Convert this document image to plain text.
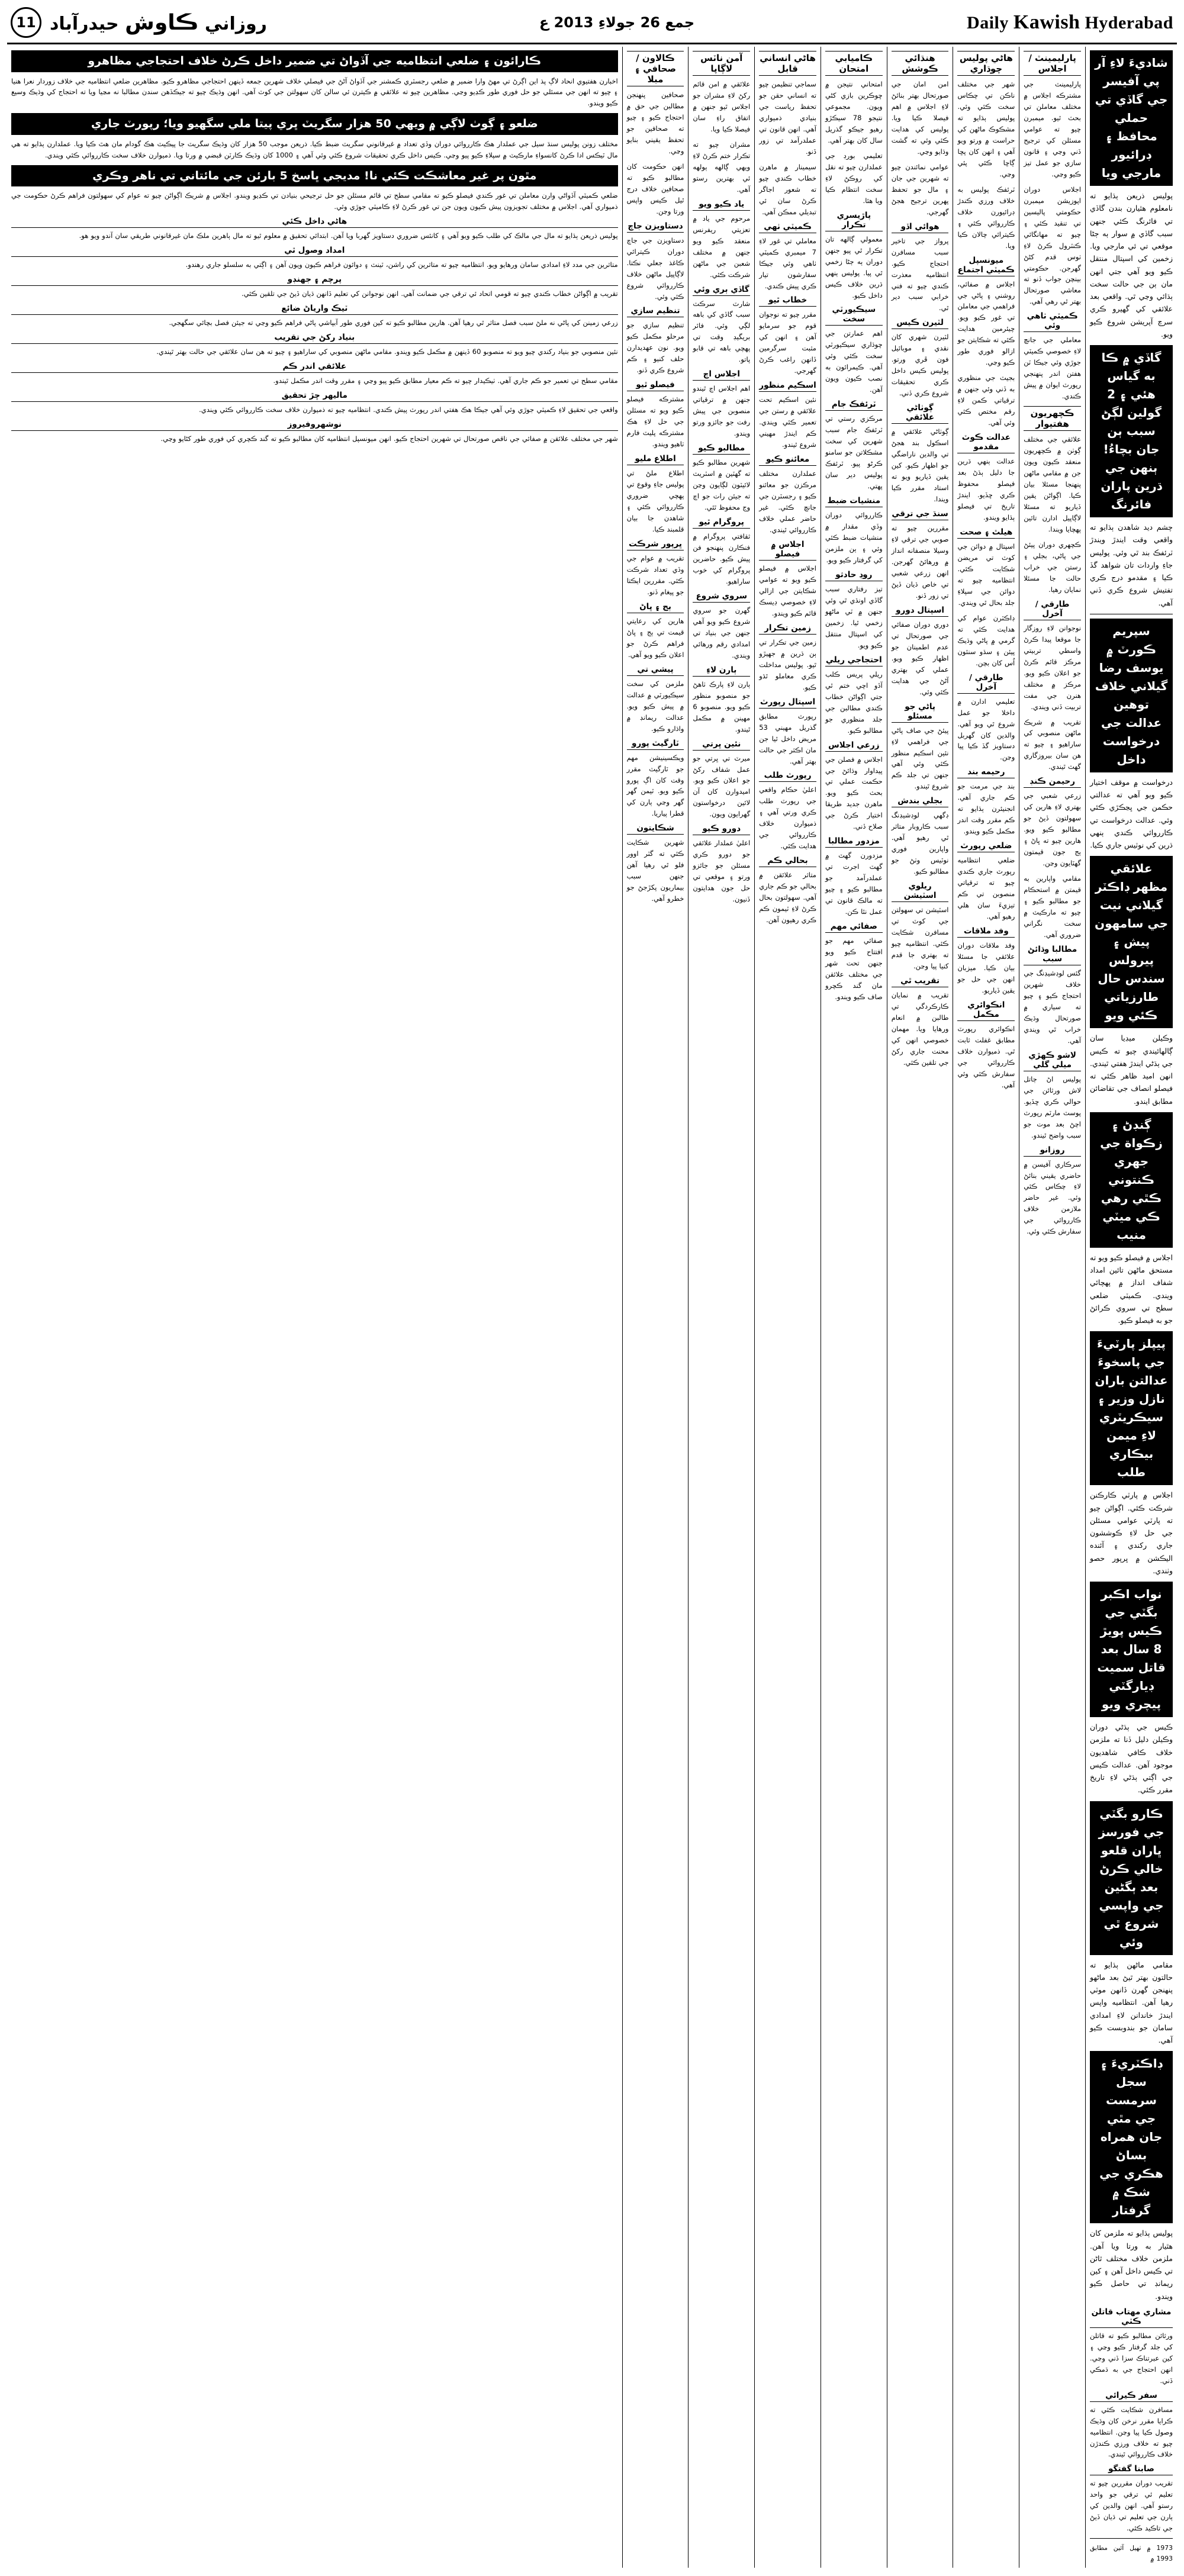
Daily Kawish Hyderabad
جمع 26 جولاءِ 2013 ع
روزاني ڪاوش حيدرآباد
11
شاديءَ لاءِ آر پي آفيسر جي گاڏي تي حملي محافظ ۽ ڊرائيور مارجي ويا

پوليس ذريعن ٻڌايو ته نامعلوم هٿيارن بندن گاڏي تي فائرنگ ڪئي جنهن سبب گاڏي ۾ سوار ٻه ڄڻا موقعي تي ئي مارجي ويا. زخمين کي اسپتال منتقل ڪيو ويو آهي جتي انهن مان ٻن جي حالت سخت ٻڌائي وڃي ٿي. واقعي بعد علائقي کي گهيرو ڪري سرچ آپريشن شروع ڪيو ويو.

گاڏي ۾ ڪا به گياس هئي ۽ 2 گولين لڳڻ سبب ٻن جان بچاءُ! ٻنهن جي ڌرين پاران فائرنگ

چشم ديد شاهدن ٻڌايو ته واقعي وقت ايندڙ ويندڙ ٽرئفڪ بند ٿي وئي. پوليس جاءِ واردات تان شواهد گڏ ڪيا ۽ مقدمو درج ڪري تفتيش شروع ڪري ڏني آهي.

سپريم ڪورٽ ۾ يوسف رضا گيلاني خلاف توهين عدالت جي درخواست داخل

درخواست ۾ موقف اختيار ڪيو ويو آهي ته عدالتي حڪمن جي ڀڃڪڙي ڪئي وئي. عدالت درخواست تي ڪارروائي ڪندي ٻنهي ڌرين کي نوٽيس جاري ڪيا.

علائقي مظهر ڊاڪٽر گيلاني نيت جي سامهون پيش ۽ پيرولس سندس حال طارزياتي ڪئي ويو

وڪيلن ميڊيا سان ڳالهائيندي چيو ته ڪيس جي ٻڌڻي ايندڙ هفتي ٿيندي. انهن اميد ظاهر ڪئي ته فيصلو انصاف جي تقاضائن مطابق ايندو.

ڳنڊڻ ۽ زڪواة جي جهري ڪنتوني ڪٿي رهي ڪي ميٽي منيب

اجلاس ۾ فيصلو ڪيو ويو ته مستحق ماڻهن تائين امداد شفاف انداز ۾ پهچائي ويندي. ڪميٽي ضلعي سطح تي سروي ڪرائڻ جو به فيصلو ڪيو.

پيپلز پارٽيءَ جي پاسخوءَ عدالتن باران نازل وزير ۽ سيڪريٽري لاءِ ميمن بيڪاري طلب

اجلاس ۾ پارٽي ڪارڪنن شرڪت ڪئي. اڳواڻن چيو ته پارٽي عوامي مسئلن جي حل لاءِ ڪوششون جاري رکندي ۽ آئنده اليڪشن ۾ ڀرپور حصو وٺندي.

نواب اڪبر بگٽي جي ڪيس پويڙ 8 سال بعد قاتل سميت ڊيارگٽي پيچري ويو

ڪيس جي ٻڌڻي دوران وڪيلن دليل ڏنا ته ملزمن خلاف ڪافي شاهديون موجود آهن. عدالت ڪيس جي اڳتي ٻڌڻي لاءِ تاريخ مقرر ڪئي.

ڪارو بگٽي جي فورسز ڀاران قلعو خالي ڪرڻ بعد ٻگڻين جي واپسي شروع ٿي وئي

مقامي ماڻهن ٻڌايو ته حالتون بهتر ٿيڻ بعد ماڻهو پنهنجن گهرن ڏانهن موٽي رهيا آهن. انتظاميه واپس ايندڙ خاندانن لاءِ امدادي سامان جو بندوبست ڪيو آهي.

ڊاڪٽريءَ ۽ سجل سرمست جي مٿي جان همراه بساڻ هڪري جي شڪ ۾ گرفتار

پوليس ٻڌايو ته ملزمن کان هٿيار به ورتا ويا آهن. ملزمن خلاف مختلف ٿاڻن تي ڪيس داخل آهن ۽ کين ريمانڊ تي حاصل ڪيو ويندو.

مشاري مهتاب قاتلن ڪٽي

ورثائن مطالبو ڪيو ته قاتلن کي جلد گرفتار ڪيو وڃي ۽ کين عبرتناڪ سزا ڏني وڃي. انهن احتجاج جي به ڌمڪي ڏني.

سفر ڪيرائي

مسافرن شڪايت ڪئي ته ڪرايا مقرر نرخن کان وڌيڪ وصول ڪيا پيا وڃن. انتظاميه چيو ته خلاف ورزي ڪندڙن خلاف ڪارروائي ٿيندي.

صابنا گفتگو

تقريب دوران مقررين چيو ته تعليم ئي ترقي جو واحد رستو آهي. انهن والدين کي ٻارن جي تعليم تي ڌيان ڏيڻ جي تاڪيد ڪئي.

1973 ۾ ٺهيل آئين مطابق 1993 ۾

پارليمينٽ / اجلاس

پارليمينٽ جي مشترڪه اجلاس ۾ مختلف معاملن تي بحث ٿيو. ميمبرن چيو ته عوامي مسئلن کي ترجيح ڏني وڃي ۽ قانون سازي جو عمل تيز ڪيو وڃي.

اجلاس دوران اپوزيشن ميمبرن حڪومتي پاليسين تي تنقيد ڪئي ۽ چيو ته مهانگائي ڪنٽرول ڪرڻ لاءِ ٺوس قدم کڻڻ گهرجن. حڪومتي بينچن جواب ڏنو ته معاشي صورتحال بهتر ٿي رهي آهي.

ڪميٽي ٺاهي وئي

معاملي جي جانچ لاءِ خصوصي ڪميٽي جوڙي وئي جيڪا ٽن هفتن اندر پنهنجي رپورٽ ايوان ۾ پيش ڪندي.

ڪچهريون هفتيوار

علائقي جي مختلف ڳوٺن ۾ ڪچهريون منعقد ڪيون ويون جن ۾ مقامي ماڻهن پنهنجا مسئلا بيان ڪيا. اڳواڻن يقين ڏياريو ته مسئلا لاڳاپيل ادارن تائين پهچايا ويندا.

ڪچهري دوران پيئڻ جي پاڻي، بجلي ۽ رستن جي خراب حالت جا مسئلا نمايان رهيا.

طارقي / آخرل

نوجوانن لاءِ روزگار جا موقعا پيدا ڪرڻ واسطي تربيتي مرڪز قائم ڪرڻ جو اعلان ڪيو ويو. مرڪز ۾ مختلف هنرن جي مفت تربيت ڏني ويندي.

تقريب ۾ شريڪ ماڻهن منصوبي کي ساراهيو ۽ چيو ته هن سان بيروزگاري گهٽ ٿيندي.

رحيمن ڪنڊ

زرعي شعبي جي بهتري لاءِ هارين کي سهولتون ڏيڻ جو مطالبو ڪيو ويو. هارين چيو ته ڀاڻ ۽ ٻج جون قيمتون گهٽايون وڃن.

مقامي واپارين به قيمتن ۾ استحڪام جو مطالبو ڪيو ۽ چيو ته مارڪيٽ ۾ سخت نگراني ضروري آهي.

مطالبا وڌائڻ سبب

گئس لوڊشيڊنگ جي خلاف شهرين احتجاج ڪيو ۽ چيو ته سياري ۾ صورتحال وڌيڪ خراب ٿي ويندي آهي.

لاشو ڪهڙي ميلي گلي

پوليس اڻ ڄاتل لاش ورثائن جي حوالي ڪري ڇڏيو. پوسٽ مارٽم رپورٽ اچڻ بعد موت جو سبب واضح ٿيندو.

روزانو

سرڪاري آفيسن ۾ حاضري يقيني بنائڻ لاءِ چڪاس ڪئي وئي. غير حاضر ملازمن خلاف ڪارروائي جي سفارش ڪئي وئي.

هاڻي پوليس چوڌاري

شهر جي مختلف ناڪن تي چڪاس سخت ڪئي وئي. پوليس ٻڌايو ته مشڪوڪ ماڻهن کي حراست ۾ ورتو ويو آهي ۽ انهن کان پڇا ڳاڇا ڪئي پئي وڃي.

ٽرئفڪ پوليس به خلاف ورزي ڪندڙ ڊرائيورن خلاف ڪارروائي ڪئي ۽ ڪيترائي چالان ڪيا ويا.

ميونسپل ڪميٽي اجتماع

اجلاس ۾ صفائي، روشني ۽ پاڻي جي فراهمي جي معاملن تي غور ڪيو ويو. چيئرمين هدايت ڪئي ته شڪايتن جو ازالو فوري طور ڪيو وڃي.

بجيٽ جي منظوري به ڏني وئي جنهن ۾ ترقياتي ڪمن لاءِ رقم مختص ڪئي وئي آهي.

عدالت ڪوٽ مقدمو

عدالت ٻنهي ڌرين جا دليل ٻڌڻ بعد فيصلو محفوظ ڪري ڇڏيو. ايندڙ تاريخ تي فيصلو ٻڌايو ويندو.

هيلٿ ۽ صحت

اسپتال ۾ دوائن جي کوٽ تي مريضن شڪايت ڪئي. انتظاميه چيو ته دوائن جي سپلاءِ جلد بحال ٿي ويندي.

ڊاڪٽرن عوام کي هدايت ڪئي ته گرمي ۾ پاڻي وڌيڪ پيئن ۽ سڌو سنئون اُس کان بچن.

طارقي / آخرل

تعليمي ادارن ۾ داخلا جو عمل شروع ٿي ويو آهي. والدين کان گهربل دستاويز گڏ ڪيا پيا وڃن.

رحيمه بند

بند جي مرمت جو ڪم جاري آهي. انجنيئرن ٻڌايو ته ڪم مقرر وقت اندر مڪمل ڪيو ويندو.

ضلعي رپورٽ

ضلعي انتظاميه رپورٽ جاري ڪندي چيو ته ترقياتي منصوبن تي ڪم تيزيءَ سان هلي رهيو آهي.

وفد ملاقات

وفد ملاقات دوران علائقي جا مسئلا بيان ڪيا. ميزبان انهن جي حل جو يقين ڏياريو.

انڪوائري مڪمل

انڪوائري رپورٽ مطابق غفلت ثابت ٿي. ذميوارن خلاف ڪارروائي جي سفارش ڪئي وئي آهي.

هنڌائي ڪوشش

امن امان جي صورتحال بهتر بنائڻ لاءِ اجلاس ۾ اهم فيصلا ڪيا ويا. پوليس کي هدايت ڪئي وئي ته گشت وڌايو وڃي.

عوامي نمائندن چيو ته شهرين جي جان ۽ مال جو تحفظ پهرين ترجيح هجڻ گهرجي.

هوائي اڏو

پرواز جي تاخير سبب مسافرن احتجاج ڪيو. انتظاميه معذرت ڪندي چيو ته فني خرابي سبب دير ٿي.

لٽيرن ڪيس

لٽيرن شهري کان نقدي ۽ موبائيل فون ڦري ورتو. پوليس ڪيس داخل ڪري تحقيقات شروع ڪري ڏني.

ڳوٺاڻي علائقي

ڳوٺاڻي علائقي ۾ اسڪول بند هجڻ تي والدين ناراضگي جو اظهار ڪيو. کين يقين ڏياريو ويو ته استاد مقرر ڪيا ويندا.

سنڌ جي ترقي

مقررين چيو ته صوبي جي ترقي لاءِ وسيلا منصفانه انداز ۾ ورهائڻ گهرجن. انهن زرعي شعبي تي خاص ڌيان ڏيڻ تي زور ڏنو.

اسپتال دورو

دوري دوران صفائي جي صورتحال تي عدم اطمينان جو اظهار ڪيو ويو. عملي کي بهتري آڻڻ جي هدايت ڪئي وئي.

پاڻي جو مسئلو

پيئڻ جي صاف پاڻي جي فراهمي لاءِ نئين اسڪيم منظور ڪئي وئي آهي جنهن تي جلد ڪم شروع ٿيندو.

بجلي بندش

ڊگهي لوڊشيڊنگ سبب ڪاروبار متاثر ٿي رهيو آهي. واپارين فوري نوٽيس وٺڻ جو مطالبو ڪيو.

ريلوي اسٽيشن

اسٽيشن تي سهولتن جي کوٽ تي مسافرن شڪايت ڪئي. انتظاميه چيو ته بهتري جا قدم کنيا پيا وڃن.

تقريب ٿي

تقريب ۾ نمايان ڪارڪردگي تي طالبن ۾ انعام ورهايا ويا. مهمان خصوصي انهن کي محنت جاري رکڻ جي تلقين ڪئي.

ڪاميابي امتحان

امتحاني نتيجن ۾ ڇوڪرين بازي کڻي ويون. مجموعي نتيجو 78 سيڪڙو رهيو جيڪو گذريل سال کان بهتر آهي.

تعليمي بورڊ جي عملدارن چيو ته نقل کي روڪڻ لاءِ سخت انتظام ڪيا ويا هئا.

پاڙيسري تڪرار

معمولي ڳالهه تان تڪرار ٿي پيو جنهن دوران ٻه ڄڻا زخمي ٿي پيا. پوليس ٻنهي ڌرين خلاف ڪيس داخل ڪيو.

سيڪيورٽي سخت

اهم عمارتن جي چوڌاري سيڪيورٽي سخت ڪئي وئي آهي. ڪيمرائون به نصب ڪيون ويون آهن.

ٽرئفڪ جام

مرڪزي رستي تي ٽرئفڪ جام سبب شهرين کي سخت مشڪلاتن جو سامنو ڪرڻو پيو. ٽرئفڪ پوليس دير سان پهتي.

منشيات ضبط

ڪارروائي دوران وڏي مقدار ۾ منشيات ضبط ڪئي وئي ۽ ٻن ملزمن کي گرفتار ڪيو ويو.

روڊ حادثو

تيز رفتاري سبب گاڏي اونڌي ٿي وئي جنهن ۾ ٽي ماڻهو زخمي ٿيا. زخمين کي اسپتال منتقل ڪيو ويو.

احتجاجي ريلي

ريلي پريس ڪلب آڏو اچي ختم ٿي جتي اڳواڻن خطاب ڪندي مطالبن جي جلد منظوري جو مطالبو ڪيو.

زرعي اجلاس

اجلاس ۾ فصلن جي پيداوار وڌائڻ جي حڪمت عملي تي بحث ڪيو ويو. ماهرن جديد طريقا اختيار ڪرڻ جي صلاح ڏني.

مزدور مطالبا

مزدورن گهٽ ۾ گهٽ اجرت تي عملدرآمد جو مطالبو ڪيو ۽ چيو ته مالڪ قانون تي عمل نٿا ڪن.

صفائي مهم

صفائي مهم جو افتتاح ڪيو ويو جنهن تحت شهر جي مختلف علائقن مان گند ڪچرو صاف ڪيو ويندو.

هاڻي انساني قابل

سماجي تنظيمن چيو ته انساني حقن جو تحفظ رياست جي بنيادي ذميواري آهي. انهن قانون تي عملدرآمد تي زور ڏنو.

سيمينار ۾ ماهرن خطاب ڪندي چيو ته شعور اجاگر ڪرڻ سان ئي تبديلي ممڪن آهي.

ڪميٽي ٺهي

معاملي تي غور لاءِ 7 ميمبري ڪميٽي ٺاهي وئي جيڪا سفارشون تيار ڪري پيش ڪندي.

خطاب ٿيو

مقرر چيو ته نوجوان قوم جو سرمايو آهن ۽ انهن کي مثبت سرگرمين ڏانهن راغب ڪرڻ گهرجي.

اسڪيم منظور

نئين اسڪيم تحت علائقي ۾ رستن جي تعمير ڪئي ويندي. ڪم ايندڙ مهيني شروع ٿيندو.

معائنو ڪيو

عملدارن مختلف مرڪزن جو معائنو ڪيو ۽ رجسٽرن جي جانچ ڪئي. غير حاضر عملي خلاف ڪارروائي ٿيندي.

اجلاس ۾ فيصلو

اجلاس ۾ فيصلو ڪيو ويو ته عوامي شڪايتن جي ازالي لاءِ خصوصي ڊيسڪ قائم ڪيو ويندو.

زمين تڪرار

زمين جي تڪرار تي ٻن ڌرين ۾ جهيڙو ٿيو. پوليس مداخلت ڪري معاملو ٿڌو ڪيو.

اسپتال رپورٽ

رپورٽ مطابق گذريل مهيني 53 مريض داخل ٿيا جن مان اڪثر جي حالت بهتر آهي.

رپورٽ طلب

اعليٰ حڪام واقعي جي رپورٽ طلب ڪري ورتي آهي ۽ ذميوارن خلاف ڪارروائي جي هدايت ڪئي.

بحالي ڪم

متاثر علائقن ۾ بحالي جو ڪم جاري آهي. سهولتون بحال ڪرڻ لاءِ ٽيمون ڪم ڪري رهيون آهن.

آمن ناٽس لاڳاپا

علائقي ۾ امن قائم رکڻ لاءِ مشران جو اجلاس ٿيو جنهن ۾ اتفاق راءِ سان فيصلا ڪيا ويا.

مشران چيو ته تڪرار ختم ڪرڻ لاءِ ويهي ڳالهه ٻولهه ئي بهترين رستو آهي.

ياد ڪيو ويو

مرحوم جي ياد ۾ تعزيتي ريفرنس منعقد ڪيو ويو جنهن ۾ مختلف شعبن جي ماڻهن شرڪت ڪئي.

گاڏي ٻري وئي

شارٽ سرڪٽ سبب گاڏي کي باهه لڳي وئي. فائر بريگيڊ وقت تي پهچي باهه تي قابو پاتو.

اجلاس اڄ

اهم اجلاس اڄ ٿيندو جنهن ۾ ترقياتي منصوبن جي پيش رفت جو جائزو ورتو ويندو.

مطالبو ڪيو

شهرين مطالبو ڪيو ته گهٽين ۾ اسٽريٽ لائيٽون لڳايون وڃن ته جيئن رات جو اچ وڃ محفوظ ٿئي.

پروگرام ٿيو

ثقافتي پروگرام ۾ فنڪارن پنهنجو فن پيش ڪيو. حاضرين پروگرام کي خوب ساراهيو.

سروي شروع

گهرن جو سروي شروع ڪيو ويو آهي جنهن جي بنياد تي امدادي رقم ورهائي ويندي.

ٻارن لاءِ

ٻارن لاءِ پارڪ ٺاهڻ جو منصوبو منظور ڪيو ويو. منصوبو 6 مهينن ۾ مڪمل ٿيندو.

نئين ڀرتي

ميرٽ تي ڀرتي جو عمل شفاف رکڻ جو اعلان ڪيو ويو. اميدوارن کان آن لائين درخواستون گهرايون ويون.

دورو ڪيو

اعليٰ عملدار علائقي جو دورو ڪري مسئلن جو جائزو ورتو ۽ موقعي تي حل جون هدايتون ڏنيون.

ڪالاون / صحافي ۽ مبلا

صحافين پنهنجن مطالبن جي حق ۾ احتجاج ڪيو ۽ چيو ته صحافين جو تحفظ يقيني بنايو وڃي.

انهن حڪومت کان مطالبو ڪيو ته صحافين خلاف درج ٿيل ڪيس واپس ورتا وڃن.

دستاويزن جاچ

دستاويزن جي جاچ دوران ڪيترائي ڪاغذ جعلي نڪتا. لاڳاپيل ماڻهن خلاف ڪارروائي شروع ڪئي وئي.

تنظيم سازي

تنظيم سازي جو مرحلو مڪمل ڪيو ويو. نون عهديدارن حلف کنيو ۽ ڪم شروع ڪري ڏنو.

فيصلو ٿيو

مشترڪه فيصلو ڪيو ويو ته مسئلن جي حل لاءِ هڪ مشترڪه پليٽ فارم ٺاهيو ويندو.

اطلاع مليو

اطلاع ملڻ تي پوليس جاءِ وقوع تي پهچي ضروري ڪارروائي ڪئي ۽ شاهدن جا بيان قلمبند ڪيا.

ڀرپور شرڪت

تقريب ۾ عوام جي وڏي تعداد شرڪت ڪئي. مقررين ايڪتا جو پيغام ڏنو.

ٻج ۽ ڀاڻ

هارين کي رعايتي قيمت تي ٻج ۽ ڀاڻ فراهم ڪرڻ جو اعلان ڪيو ويو آهي.

پيشي تي

ملزمن کي سخت سيڪيورٽي ۾ عدالت ۾ پيش ڪيو ويو. عدالت ريمانڊ ۾ واڌارو ڪيو.

ٽارگيٽ پورو

ويڪسينيشن مهم جو ٽارگيٽ مقرر وقت کان اڳ پورو ڪيو ويو. ٽيمن گهر گهر وڃي ٻارن کي قطرا پياريا.

شڪايتون

شهرين شڪايت ڪئي ته گٽر اوور فلو ٿي رهيا آهن جنهن سبب بيماريون پکڙجڻ جو خطرو آهي.

ڪارائون ۽ ضلعي انتظاميه جي آڏواڻ تي ضمير داخل ڪرڻ خلاف احتجاجي مظاهرو

اخبارن هفتيوي انحاد لاڳ پذ اين اڳرڻ تي مهڻ وارا ضمير ۾ ضلعي رجسٽري ڪمشنر جي آڏواڻ آڻڻ جي فيصلي خلاف شهرين جمعه ڏينهن احتجاجي مظاهرو ڪيو. مظاهرين ضلعي انتظاميه جي خلاف زوردار نعرا هنيا ۽ چيو ته انهن جي مسئلي جو حل فوري طور ڪڍيو وڃي. مظاهرين چيو ته علائقي ۾ ڪيترن ئي سالن کان سهولتن جي کوٽ آهي. انهن وڌيڪ چيو ته جيڪڏهن سندن مطالبا نه مڃيا ويا ته احتجاج کي وڌيڪ وسيع ڪيو ويندو.

ضلعو ۽ ڳوٺ لاڳي ۾ ويهي 50 هزار سگريٽ ڀري پيتا ملي سگهيو ويا؛ رپورٽ جاري

مختلف زونن پوليس سنڌ سيل جي عملدار هڪ ڪارروائي دوران وڏي تعداد ۾ غيرقانوني سگريٽ ضبط ڪيا. ذريعن موجب 50 هزار کان وڌيڪ سگريٽ جا پيڪيٽ هڪ گودام مان هٿ ڪيا ويا. عملدارن ٻڌايو ته هي مال ٽيڪس ادا ڪرڻ کانسواءِ مارڪيٽ ۾ سپلاءِ ڪيو پيو وڃي. ڪيس داخل ڪري تحقيقات شروع ڪئي وئي آهي ۽ 1000 کان وڌيڪ ڪارٽن قبضي ۾ ورتا ويا. ذميوارن خلاف سخت ڪارروائي ڪئي ويندي.

مٿون پر غير معاشڪت ڪئي نا! مديجي ڀاسخ 5 بارئن جي مائتاني تي ناهر وڪري

ضلعي ڪميٽي آڏواڻي وارن معاملن تي غور ڪندي فيصلو ڪيو ته مقامي سطح تي قائم مسئلن جو حل ترجيحي بنيادن تي ڪڍيو ويندو. اجلاس ۾ شريڪ اڳواڻن چيو ته عوام کي سهولتون فراهم ڪرڻ حڪومت جي ذميواري آهي. اجلاس ۾ مختلف تجويزون پيش ڪيون ويون جن تي غور ڪرڻ لاءِ ڪاميٽي جوڙي وئي.

هاڻي داخل ڪئي

پوليس ذريعن ٻڌايو ته مال جي مالڪ کي طلب ڪيو ويو آهي ۽ کانئس ضروري دستاويز گهربا ويا آهن. ابتدائي تحقيق ۾ معلوم ٿيو ته مال ٻاهرين ملڪ مان غيرقانوني طريقي سان آندو ويو هو.

امداد وصول ٿي

متاثرين جي مدد لاءِ امدادي سامان ورهايو ويو. انتظاميه چيو ته متاثرين کي راشن، ٽينٽ ۽ دوائون فراهم ڪيون ويون آهن ۽ اڳتي به سلسلو جاري رهندو.

پرچم ۽ جهنڊو

تقريب ۾ اڳواڻن خطاب ڪندي چيو ته قومي اتحاد ئي ترقي جي ضمانت آهي. انهن نوجوانن کي تعليم ڏانهن ڌيان ڏيڻ جي تلقين ڪئي.

ٽيڪ وارياڻ ضائع

زرعي زمينن کي پاڻي نه ملڻ سبب فصل متاثر ٿي رهيا آهن. هارين مطالبو ڪيو ته کين فوري طور آبپاشي پاڻي فراهم ڪيو وڃي ته جيئن فصل بچائي سگهجي.

بنياد رکڻ جي تقريب

نئين منصوبي جو بنياد رکندي چيو ويو ته منصوبو 60 ڏينهن ۾ مڪمل ڪيو ويندو. مقامي ماڻهن منصوبي کي ساراهيو ۽ چيو ته هن سان علائقي جي حالت بهتر ٿيندي.

علائقي اندر ڪم

مقامي سطح تي تعمير جو ڪم جاري آهي. ٺيڪيدار چيو ته ڪم معيار مطابق ڪيو پيو وڃي ۽ مقرر وقت اندر مڪمل ٿيندو.

ماليهر ڇڙ تحقيق

واقعي جي تحقيق لاءِ ڪميٽي جوڙي وئي آهي جيڪا هڪ هفتي اندر رپورٽ پيش ڪندي. انتظاميه چيو ته ذميوارن خلاف سخت ڪارروائي ڪئي ويندي.

نوشهروفيروز

شهر جي مختلف علائقن ۾ صفائي جي ناقص صورتحال تي شهرين احتجاج ڪيو. انهن ميونسپل انتظاميه کان مطالبو ڪيو ته گند ڪچري کي فوري طور کڻايو وڃي.
